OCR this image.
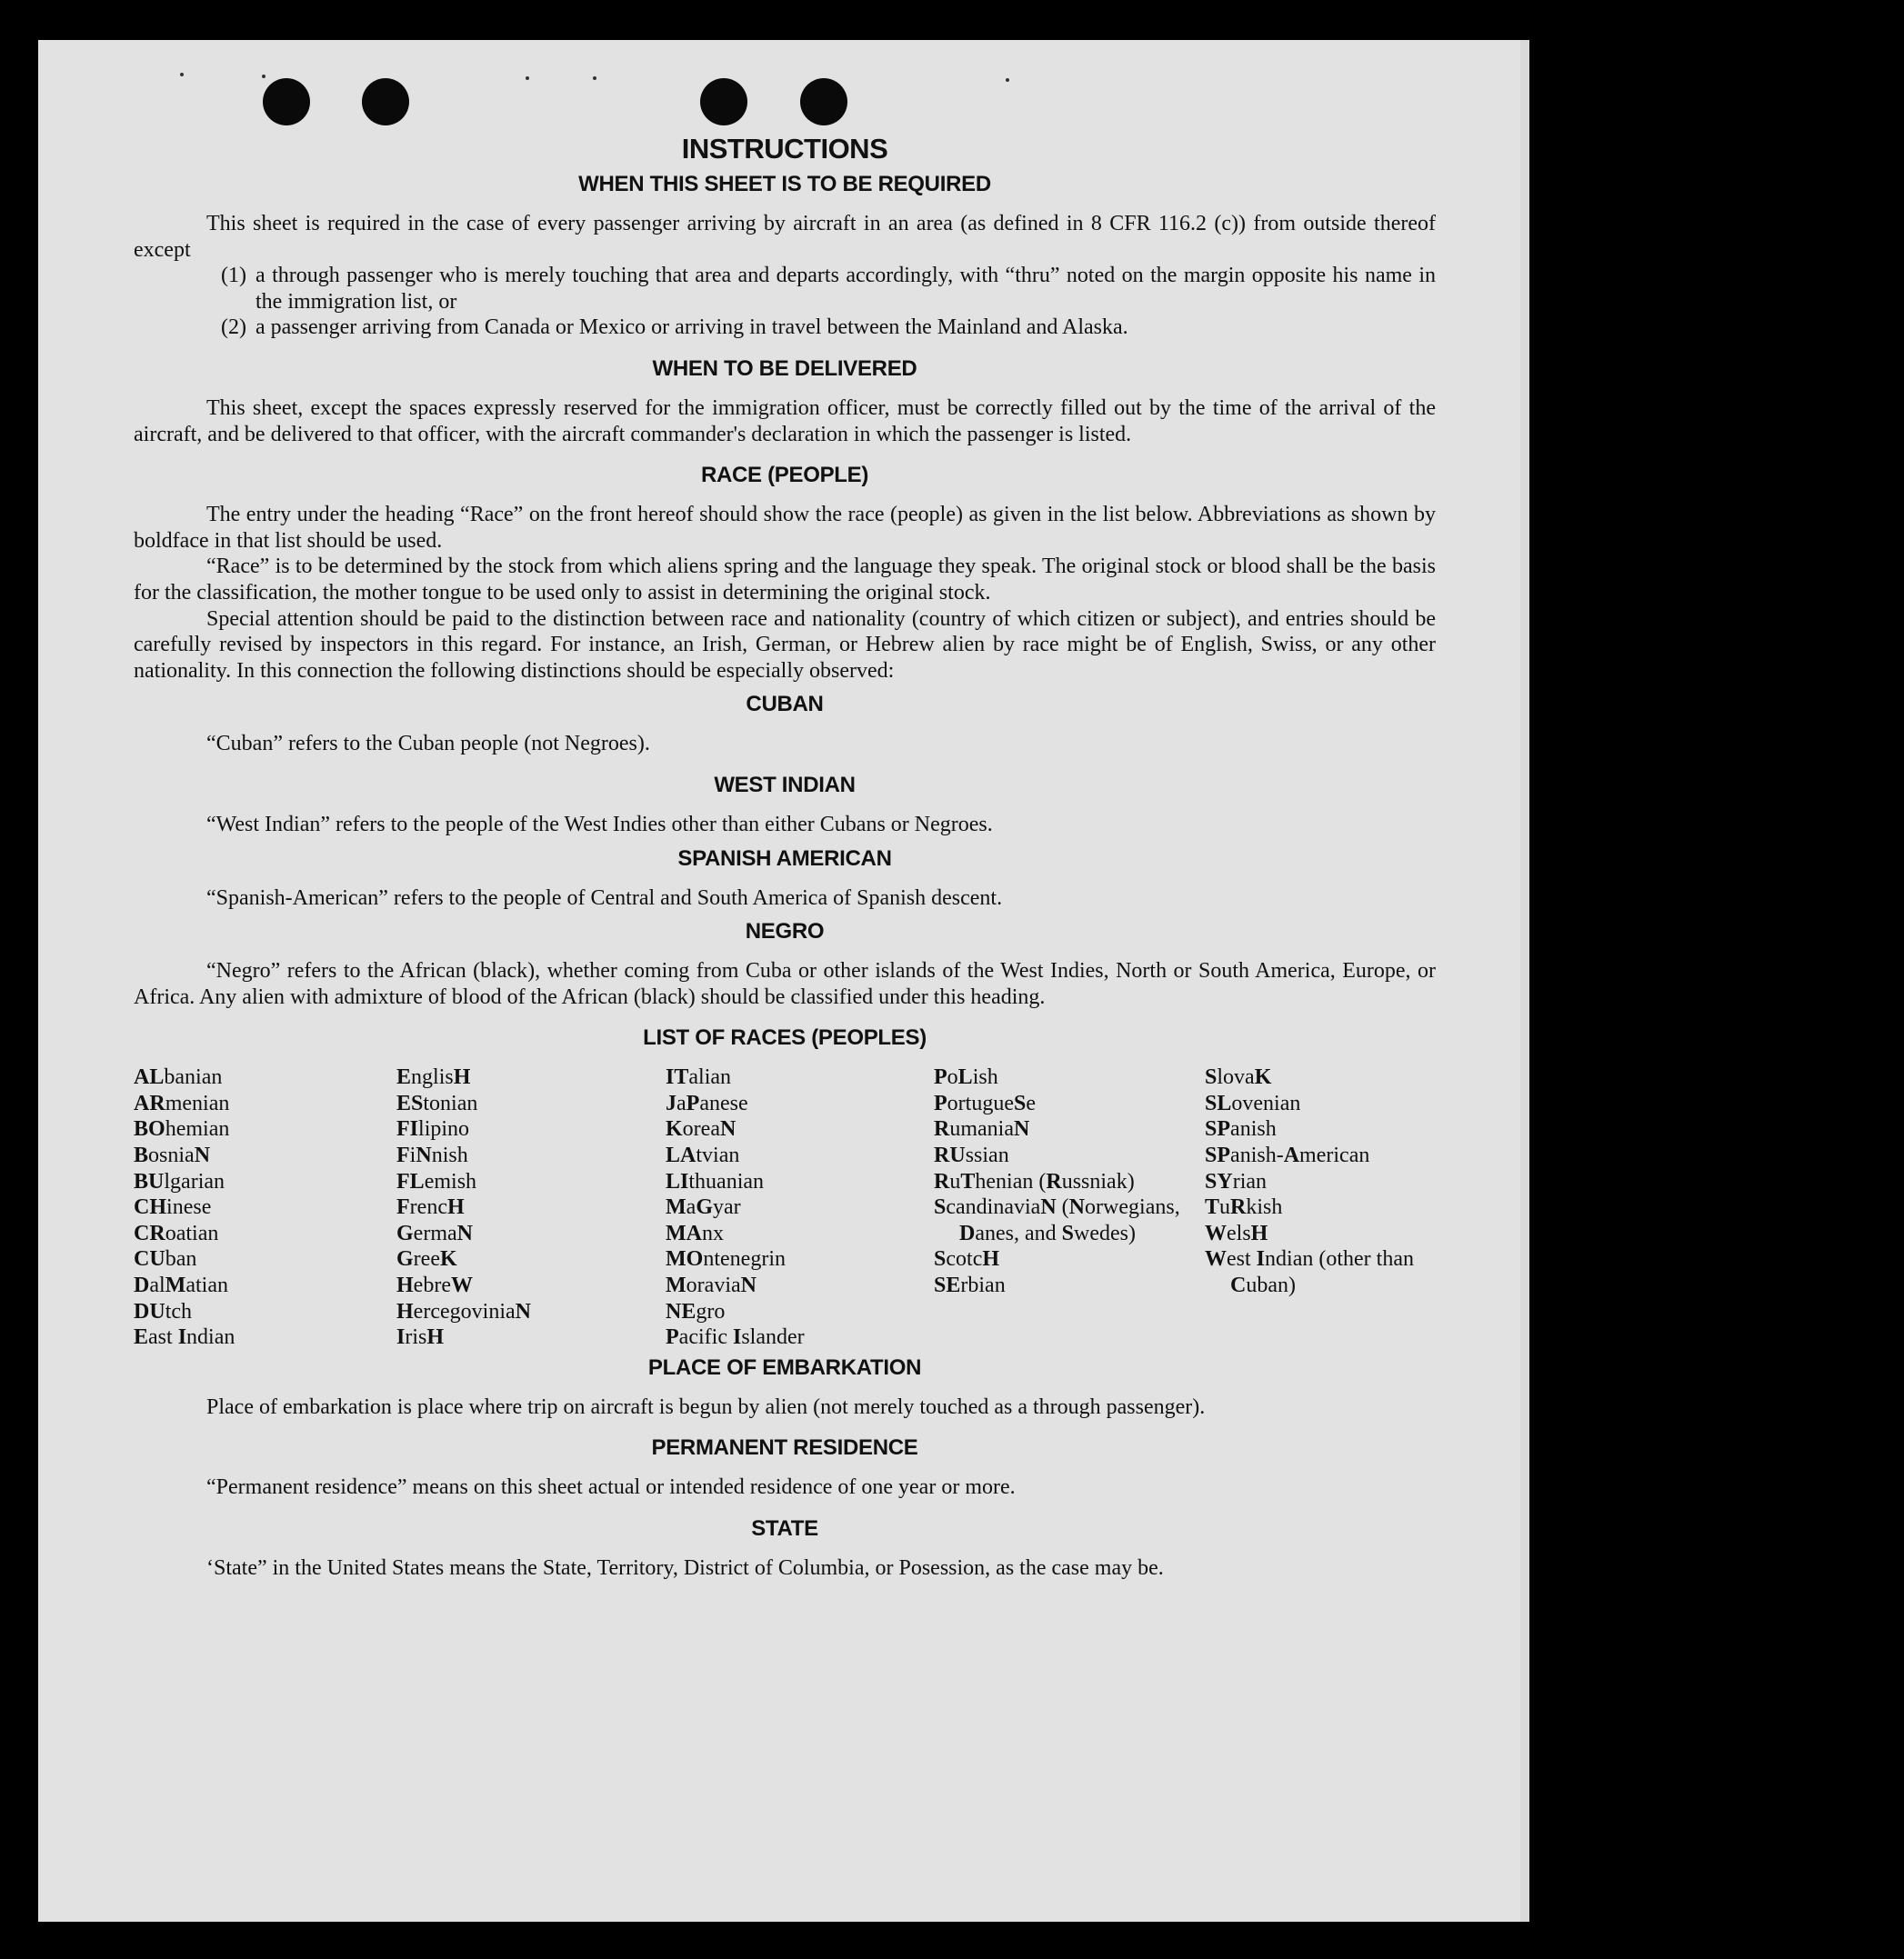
INSTRUCTIONS
WHEN THIS SHEET IS TO BE REQUIRED

This sheet is required in the case of every passenger arriving by aircraft in an area (as defined in 8 CFR 116.2 (c)) from outside thereof except

(1) a through passenger who is merely touching that area and departs accordingly, with “thru” noted on the margin opposite his name in the immigration list, or
(2) a passenger arriving from Canada or Mexico or arriving in travel between the Mainland and Alaska.
WHEN TO BE DELIVERED

This sheet, except the spaces expressly reserved for the immigration officer, must be correctly filled out by the time of the arrival of the aircraft, and be delivered to that officer, with the aircraft commander's declaration in which the passenger is listed.

RACE (PEOPLE)

The entry under the heading “Race” on the front hereof should show the race (people) as given in the list below. Abbreviations as shown by boldface in that list should be used.

“Race” is to be determined by the stock from which aliens spring and the language they speak. The original stock or blood shall be the basis for the classification, the mother tongue to be used only to assist in determining the original stock.

Special attention should be paid to the distinction between race and nationality (country of which citizen or subject), and entries should be carefully revised by inspectors in this regard. For instance, an Irish, German, or Hebrew alien by race might be of English, Swiss, or any other nationality. In this connection the following distinctions should be especially observed:

CUBAN

“Cuban” refers to the Cuban people (not Negroes).

WEST INDIAN

“West Indian” refers to the people of the West Indies other than either Cubans or Negroes.

SPANISH AMERICAN

“Spanish-American” refers to the people of Central and South America of Spanish descent.

NEGRO

“Negro” refers to the African (black), whether coming from Cuba or other islands of the West Indies, North or South America, Europe, or Africa. Any alien with admixture of blood of the African (black) should be classified under this heading.

LIST OF RACES (PEOPLES)
ALbanian
ARmenian
BOhemian
BosniaN
BUlgarian
CHinese
CRoatian
CUban
DalMatian
DUtch
East Indian
EnglisH
EStonian
FIlipino
FiNnish
FLemish
FrencH
GermaN
GreeK
HebreW
HercegoviniaN
IrisH
ITalian
JaPanese
KoreaN
LAtvian
LIthuanian
MaGyar
MAnx
MOntenegrin
MoraviaN
NEgro
Pacific Islander
PoLish
PortugueSe
RumaniaN
RUssian
RuThenian (Russniak)
ScandinaviaN (Norwegians, Danes, and Swedes)
ScotcH
SErbian
SlovaK
SLovenian
SPanish
SPanish-American
SYrian
TuRkish
WelsH
West Indian (other than Cuban)
PLACE OF EMBARKATION

Place of embarkation is place where trip on aircraft is begun by alien (not merely touched as a through passenger).

PERMANENT RESIDENCE

“Permanent residence” means on this sheet actual or intended residence of one year or more.

STATE

‘State” in the United States means the State, Territory, District of Columbia, or Posession, as the case may be.
